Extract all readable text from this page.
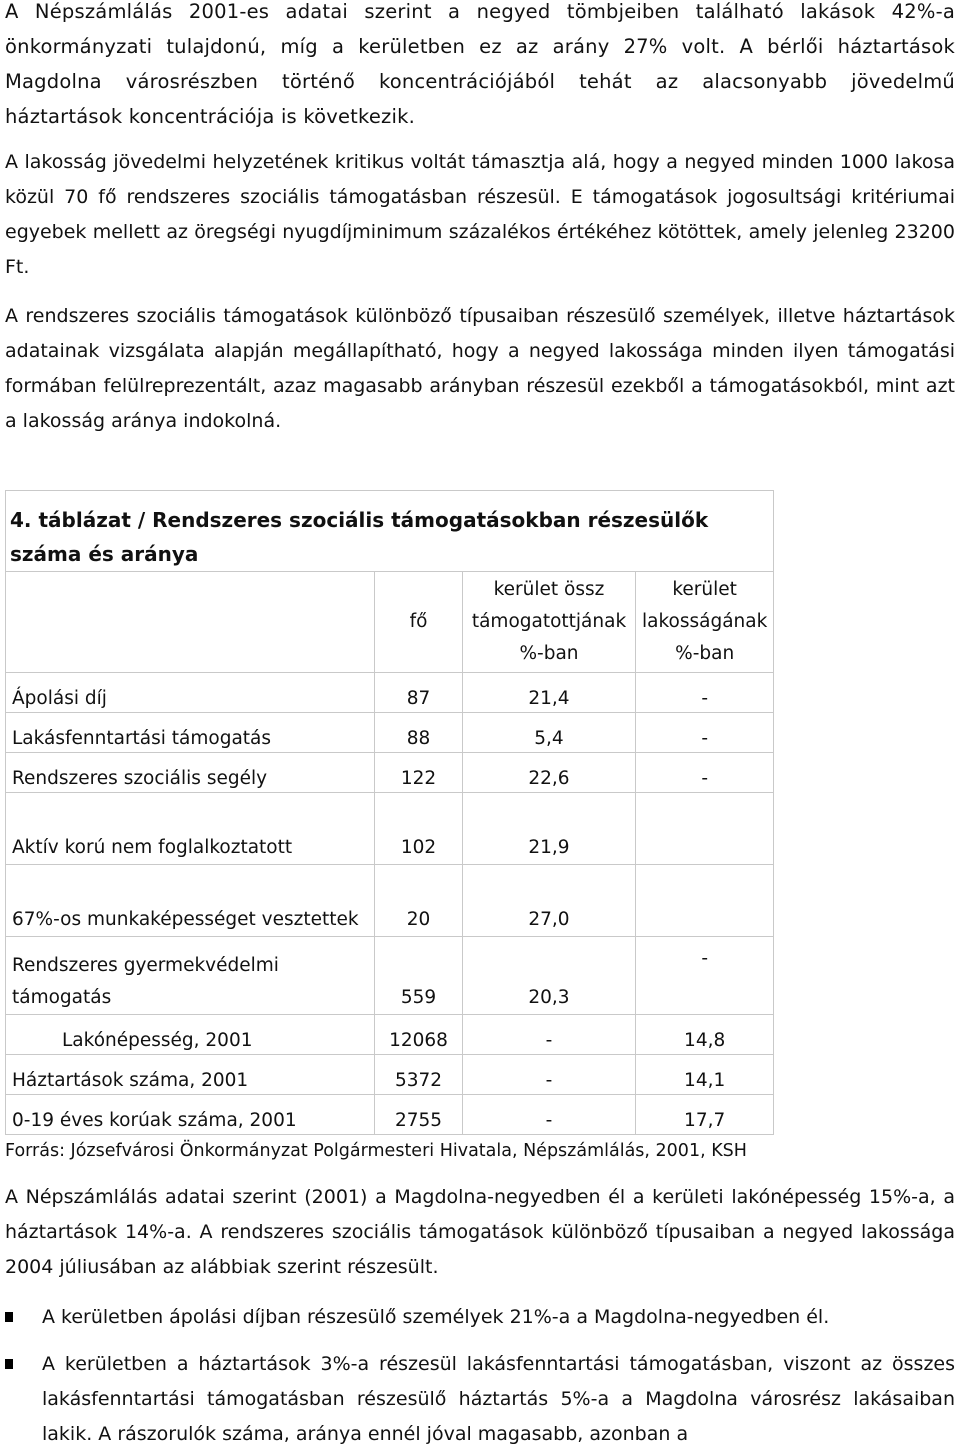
A Népszámlálás 2001-es adatai szerint a negyed tömbjeiben található lakások 42%-a önkormányzati tulajdonú, míg a kerületben ez az arány 27% volt. A bérlői háztartások Magdolna városrészben történő koncentrációjából tehát az alacsonyabb jövedelmű háztartások koncentrációja is következik.

A lakosság jövedelmi helyzetének kritikus voltát támasztja alá, hogy a negyed minden 1000 lakosa közül 70 fő rendszeres szociális támogatásban részesül. E támogatások jogosultsági kritériumai egyebek mellett az öregségi nyugdíjminimum százalékos értékéhez kötöttek, amely jelenleg 23200 Ft.

A rendszeres szociális támogatások különböző típusaiban részesülő személyek, illetve háztartások adatainak vizsgálata alapján megállapítható, hogy a negyed lakossága minden ilyen támogatási formában felülreprezentált, azaz magasabb arányban részesül ezekből a támogatásokból, mint azt a lakosság aránya indokolná.

4. táblázat / Rendszeres szociális támogatásokban részesülők száma és aránya			
	fő	kerület össz támogatottjának %-ban	kerület lakosságának %-ban
Ápolási díj	87	21,4	-
Lakásfenntartási támogatás	88	5,4	-
Rendszeres szociális segély	122	22,6	-
Aktív korú nem foglalkoztatott	102	21,9	
67%-os munkaképességet vesztettek	20	27,0	
Rendszeres gyermekvédelmi támogatás	559	20,3	-
Lakónépesség, 2001	12068	-	14,8
Háztartások száma, 2001	5372	-	14,1
0-19 éves korúak száma, 2001	2755	-	17,7

Forrás: Józsefvárosi Önkormányzat Polgármesteri Hivatala, Népszámlálás, 2001, KSH

A Népszámlálás adatai szerint (2001) a Magdolna-negyedben él a kerületi lakónépesség 15%-a, a háztartások 14%-a. A rendszeres szociális támogatások különböző típusaiban a negyed lakossága 2004 júliusában az alábbiak szerint részesült.

A kerületben ápolási díjban részesülő személyek 21%-a a Magdolna-negyedben él.
A kerületben a háztartások 3%-a részesül lakásfenntartási támogatásban, viszont az összes lakásfenntartási támogatásban részesülő háztartás 5%-a a Magdolna városrész lakásaiban lakik. A rászorulók száma, aránya ennél jóval magasabb, azonban a
